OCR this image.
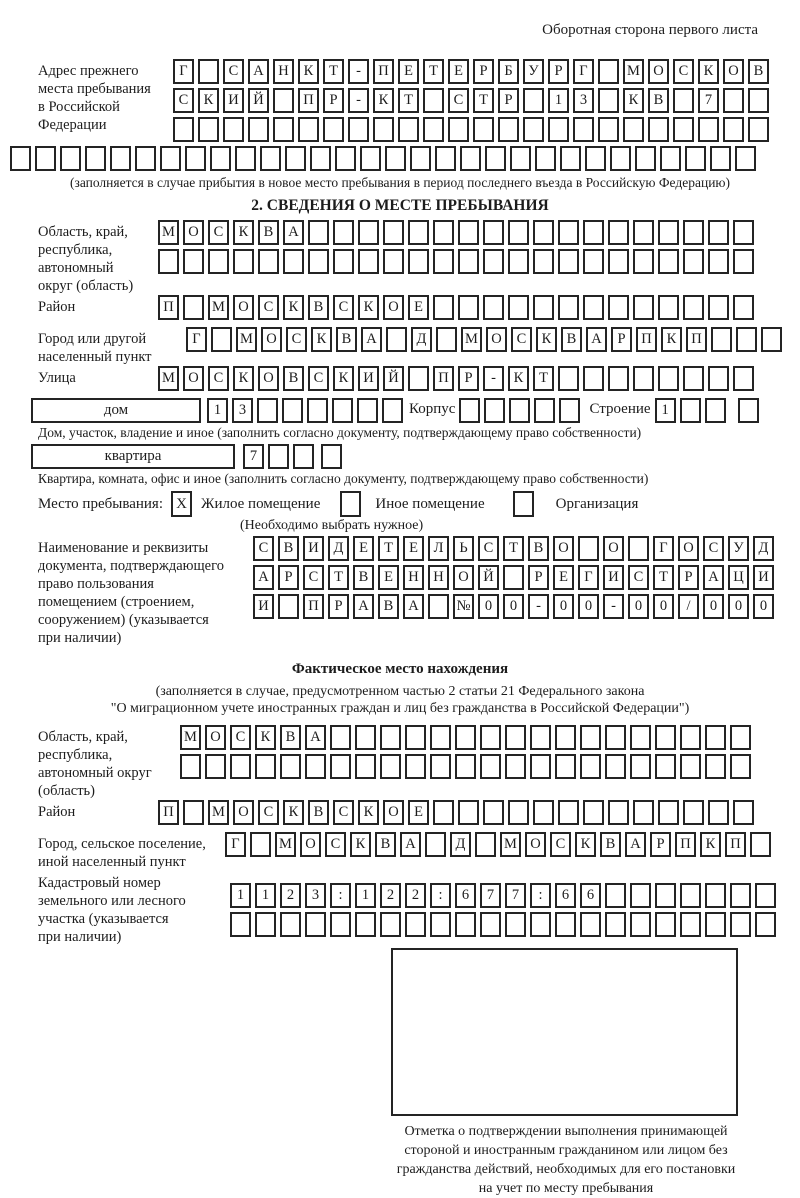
Оборотная сторона первого листа
Адрес прежнего
места пребывания
в Российской
Федерации
Г	С	А	Н	К	Т	-	П	Е	Т	Е	Р	Б	У	Р	Г	М О	С	К	О	В
С	К	И	Й	П	Р	-	К	Т	С	Т	Р	1	3	К	В	7
(заполняется в случае прибытия в новое место пребывания в период последнего въезда в Российскую Федерацию)
2. СВЕДЕНИЯ О МЕСТЕ ПРЕБЫВАНИЯ
Область, край,
республика,
автономный
округ (область)
М О	С	К	В	А
Район	П	М О	С	К	В	С	К	О	Е
Город или другой
населенный пункт
Г	М О	С	К	В	А	Д	М О	С	К	В	А	Р	П	К	П
Улица	М О	С	К	О	В	С	К	И	Й	П	Р	-	К	Т
дом	1	3	Корпус	Строение 1
Дом, участок, владение и иное (заполнить согласно документу, подтверждающему право собственности)
квартира	7
Квартира, комната, офис и иное (заполнить согласно документу, подтверждающему право собственности)
Место пребывания: X Жилое помещение	Иное помещение	Организация
(Необходимо выбрать нужное)
Наименование и реквизиты
документа, подтверждающего
право пользования
помещением (строением,
сооружением) (указывается
при наличии)
С	В	И	Д	Е	Т	Е	Л	Ь	С	Т	В	О	О	Г	О	С	У	Д
А	Р	С	Т	В	Е	Н	Н	О	Й	Р	Е	Г	И	С	Т	Р	А	Ц	И
И	П	Р	А	В	А	№ 0	0	-	0	0	-	0	0	/	0	0	0
Фактическое место нахождения
(заполняется в случае, предусмотренном частью 2 статьи 21 Федерального закона
"О миграционном учете иностранных граждан и лиц без гражданства в Российской Федерации")
Область, край,
республика,
автономный округ
(область)
М О	С	К	В	А
Район	П	М О	С	К	В	С	К	О	Е
Город, сельское поселение,
иной населенный пункт
Г	М О	С	К	В	А	Д	М О	С	К	В	А	Р	П	К	П
Кадастровый номер
земельного или лесного
участка (указывается
при наличии)
1	1	2	3	:	1	2	2	:	6	7	7	:	6	6
Отметка о подтверждении выполнения принимающей
стороной и иностранным гражданином или лицом без
гражданства действий, необходимых для его постановки
на учет по месту пребывания
